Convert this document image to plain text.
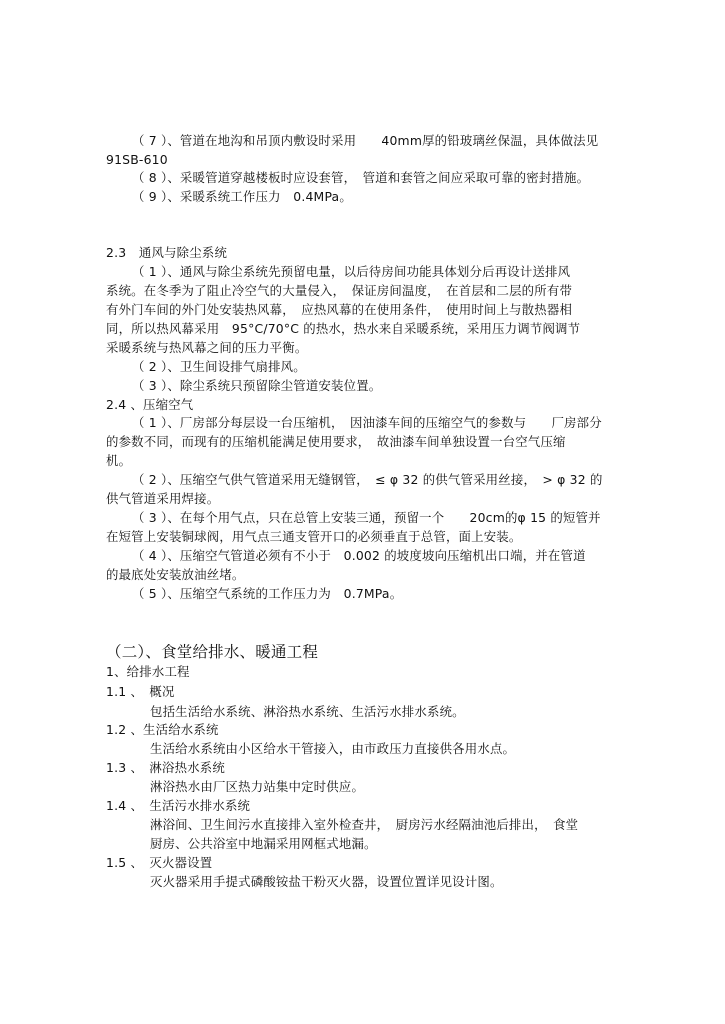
（ 7 ）、管道在地沟和吊顶内敷设时采用　　40mm厚的铅玻璃丝保温，具体做法见

91SB-610

（ 8 ）、采暖管道穿越楼板时应设套管，　管道和套管之间应采取可靠的密封措施。

（ 9 ）、采暖系统工作压力　0.4MPa。

2.3　通风与除尘系统

（ 1 ）、通风与除尘系统先预留电量，以后待房间功能具体划分后再设计送排风

系统。在冬季为了阻止冷空气的大量侵入，　保证房间温度，　在首层和二层的所有带

有外门车间的外门处安装热风幕，　应热风幕的在使用条件，　使用时间上与散热器相

同，所以热风幕采用　95°C/70°C 的热水，热水来自采暖系统，采用压力调节阀调节

采暖系统与热风幕之间的压力平衡。

（ 2 ）、卫生间设排气扇排风。

（ 3 ）、除尘系统只预留除尘管道安装位置。

2.4 、压缩空气

（ 1 ）、厂房部分每层设一台压缩机，　因油漆车间的压缩空气的参数与　　厂房部分

的参数不同，而现有的压缩机能满足使用要求，　故油漆车间单独设置一台空气压缩

机。

（ 2 ）、压缩空气供气管道采用无缝钢管，　≤ φ 32 的供气管采用丝接，　> φ 32 的

供气管道采用焊接。

（ 3 ）、在每个用气点，只在总管上安装三通，预留一个　　20cm的φ 15 的短管并

在短管上安装铜球阀，用气点三通支管开口的必须垂直于总管，面上安装。

（ 4 ）、压缩空气管道必须有不小于　0.002 的坡度坡向压缩机出口端，并在管道

的最底处安装放油丝堵。

（ 5 ）、压缩空气系统的工作压力为　0.7MPa。

（二）、食堂给排水、暖通工程

1、给排水工程

1.1 、　概况

包括生活给水系统、淋浴热水系统、生活污水排水系统。

1.2 、生活给水系统

生活给水系统由小区给水干管接入，由市政压力直接供各用水点。

1.3 、　淋浴热水系统

淋浴热水由厂区热力站集中定时供应。

1.4 、　生活污水排水系统

淋浴间、卫生间污水直接排入室外检查井，　厨房污水经隔油池后排出，　食堂

厨房、公共浴室中地漏采用网框式地漏。

1.5 、　灭火器设置

灭火器采用手提式磷酸铵盐干粉灭火器，设置位置详见设计图。
